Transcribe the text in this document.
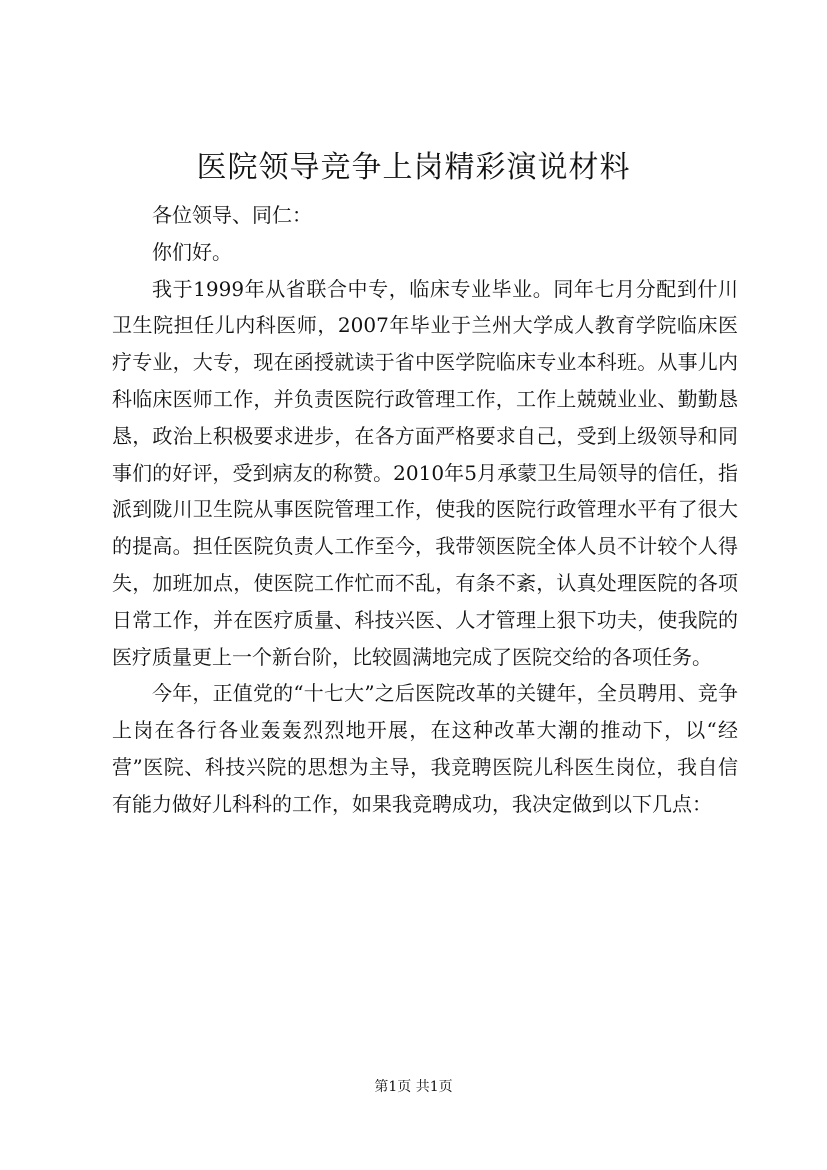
医院领导竞争上岗精彩演说材料

各位领导、同仁：

你们好。

我于1999年从省联合中专，临床专业毕业。同年七月分配到什川卫生院担任儿内科医师，2007年毕业于兰州大学成人教育学院临床医疗专业，大专，现在函授就读于省中医学院临床专业本科班。从事儿内科临床医师工作，并负责医院行政管理工作，工作上兢兢业业、勤勤恳恳，政治上积极要求进步，在各方面严格要求自己，受到上级领导和同事们的好评，受到病友的称赞。2010年5月承蒙卫生局领导的信任，指派到陇川卫生院从事医院管理工作，使我的医院行政管理水平有了很大的提高。担任医院负责人工作至今，我带领医院全体人员不计较个人得失，加班加点，使医院工作忙而不乱，有条不紊，认真处理医院的各项日常工作，并在医疗质量、科技兴医、人才管理上狠下功夫，使我院的医疗质量更上一个新台阶，比较圆满地完成了医院交给的各项任务。

今年，正值党的“十七大”之后医院改革的关键年，全员聘用、竞争上岗在各行各业轰轰烈烈地开展，在这种改革大潮的推动下，以“经营”医院、科技兴院的思想为主导，我竞聘医院儿科医生岗位，我自信有能力做好儿科科的工作，如果我竞聘成功，我决定做到以下几点：

第1页 共1页
